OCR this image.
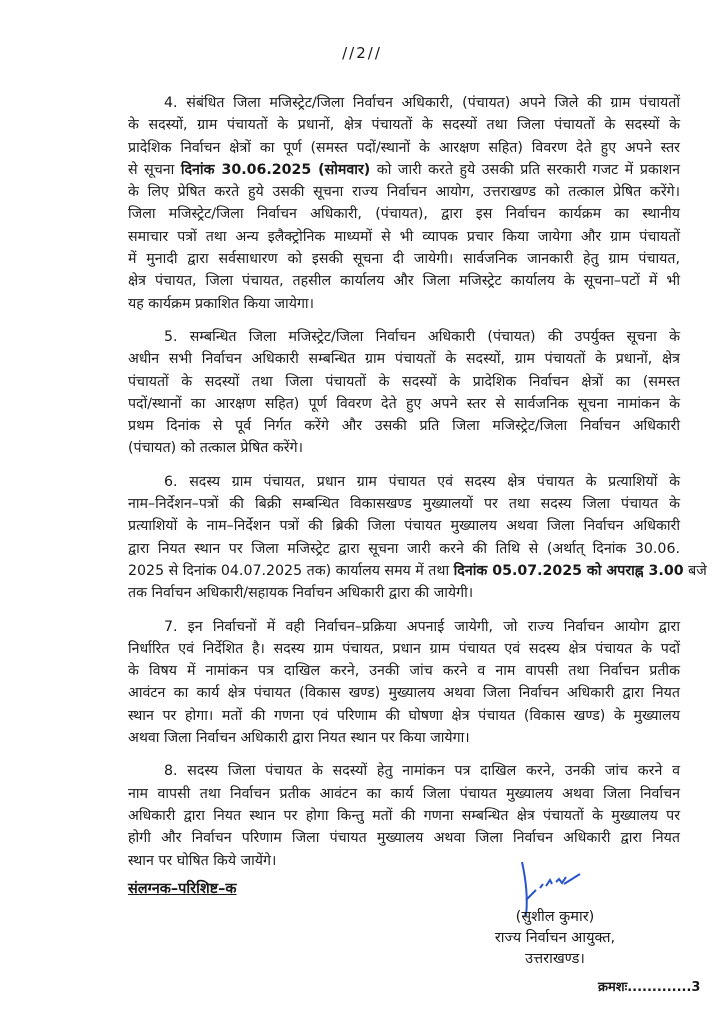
//2//
4. संबंधित जिला मजिस्ट्रेट/जिला निर्वाचन अधिकारी, (पंचायत) अपने जिले की ग्राम पंचायतों
के सदस्यों, ग्राम पंचायतों के प्रधानों, क्षेत्र पंचायतों के सदस्यों तथा जिला पंचायतों के सदस्यों के
प्रादेशिक निर्वाचन क्षेत्रों का पूर्ण (समस्त पदों/स्थानों के आरक्षण सहित) विवरण देते हुए अपने स्तर
से सूचना दिनांक 30.06.2025 (सोमवार) को जारी करते हुये उसकी प्रति सरकारी गजट में प्रकाशन
के लिए प्रेषित करते हुये उसकी सूचना राज्य निर्वाचन आयोग, उत्तराखण्ड को तत्काल प्रेषित करेंगे।
जिला मजिस्ट्रेट/जिला निर्वाचन अधिकारी, (पंचायत), द्वारा इस निर्वाचन कार्यक्रम का स्थानीय
समाचार पत्रों तथा अन्य इलैक्ट्रोनिक माध्यमों से भी व्यापक प्रचार किया जायेगा और ग्राम पंचायतों
में मुनादी द्वारा सर्वसाधारण को इसकी सूचना दी जायेगी। सार्वजनिक जानकारी हेतु ग्राम पंचायत,
क्षेत्र पंचायत, जिला पंचायत, तहसील कार्यालय और जिला मजिस्ट्रेट कार्यालय के सूचना–पटों में भी
यह कार्यक्रम प्रकाशित किया जायेगा।
5. सम्बन्धित जिला मजिस्ट्रेट/जिला निर्वाचन अधिकारी (पंचायत) की उपर्युक्त सूचना के
अधीन सभी निर्वाचन अधिकारी सम्बन्धित ग्राम पंचायतों के सदस्यों, ग्राम पंचायतों के प्रधानों, क्षेत्र
पंचायतों के सदस्यों तथा जिला पंचायतों के सदस्यों के प्रादेशिक निर्वाचन क्षेत्रों का (समस्त
पदों/स्थानों का आरक्षण सहित) पूर्ण विवरण देते हुए अपने स्तर से सार्वजनिक सूचना नामांकन के
प्रथम दिनांक से पूर्व निर्गत करेंगे और उसकी प्रति जिला मजिस्ट्रेट/जिला निर्वाचन अधिकारी
(पंचायत) को तत्काल प्रेषित करेंगे।
6. सदस्य ग्राम पंचायत, प्रधान ग्राम पंचायत एवं सदस्य क्षेत्र पंचायत के प्रत्याशियों के
नाम–निर्देशन–पत्रों की बिक्री सम्बन्धित विकासखण्ड मुख्यालयों पर तथा सदस्य जिला पंचायत के
प्रत्याशियों के नाम–निर्देशन पत्रों की ब्रिकी जिला पंचायत मुख्यालय अथवा जिला निर्वाचन अधिकारी
द्वारा नियत स्थान पर जिला मजिस्ट्रेट द्वारा सूचना जारी करने की तिथि से (अर्थात् दिनांक 30.06.
2025 से दिनांक 04.07.2025 तक) कार्यालय समय में तथा दिनांक 05.07.2025 को अपराह्न 3.00 बजे
तक निर्वाचन अधिकारी/सहायक निर्वाचन अधिकारी द्वारा की जायेगी।
7. इन निर्वाचनों में वही निर्वाचन–प्रक्रिया अपनाई जायेगी, जो राज्य निर्वाचन आयोग द्वारा
निर्धारित एवं निर्देशित है। सदस्य ग्राम पंचायत, प्रधान ग्राम पंचायत एवं सदस्य क्षेत्र पंचायत के पदों
के विषय में नामांकन पत्र दाखिल करने, उनकी जांच करने व नाम वापसी तथा निर्वाचन प्रतीक
आवंटन का कार्य क्षेत्र पंचायत (विकास खण्ड) मुख्यालय अथवा जिला निर्वाचन अधिकारी द्वारा नियत
स्थान पर होगा। मतों की गणना एवं परिणाम की घोषणा क्षेत्र पंचायत (विकास खण्ड) के मुख्यालय
अथवा जिला निर्वाचन अधिकारी द्वारा नियत स्थान पर किया जायेगा।
8. सदस्य जिला पंचायत के सदस्यों हेतु नामांकन पत्र दाखिल करने, उनकी जांच करने व
नाम वापसी तथा निर्वाचन प्रतीक आवंटन का कार्य जिला पंचायत मुख्यालय अथवा जिला निर्वाचन
अधिकारी द्वारा नियत स्थान पर होगा किन्तु मतों की गणना सम्बन्धित क्षेत्र पंचायतों के मुख्यालय पर
होगी और निर्वाचन परिणाम जिला पंचायत मुख्यालय अथवा जिला निर्वाचन अधिकारी द्वारा नियत
स्थान पर घोषित किये जायेंगे।
संलग्नक–परिशिष्ट–क
(सुशील कुमार)
राज्य निर्वाचन आयुक्त,
उत्तराखण्ड।
क्रमशः.............3
